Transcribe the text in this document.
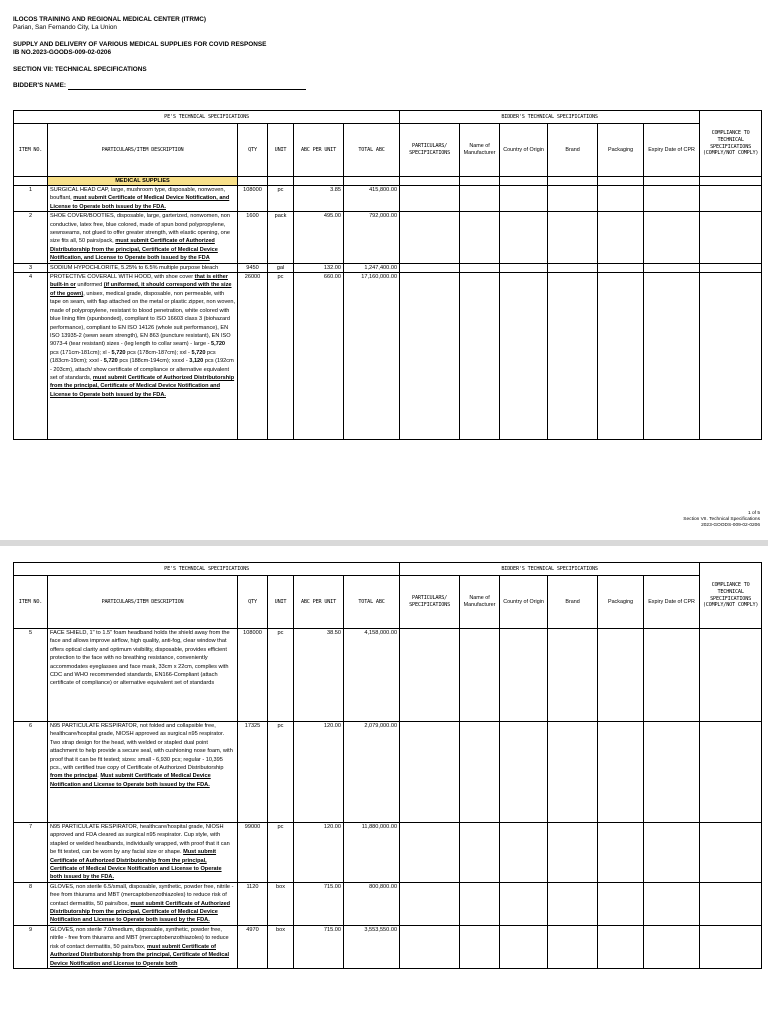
ILOCOS TRAINING AND REGIONAL MEDICAL CENTER (ITRMC)
Parian, San Fernando City, La Union
SUPPLY AND DELIVERY OF VARIOUS MEDICAL SUPPLIES FOR COVID RESPONSE
IB NO.2023-GOODS-009-02-0206
SECTION VII: TECHNICAL SPECIFICATIONS
BIDDER'S NAME:
PE'S TECHNICAL SPECIFICATIONS						BIDDER'S TECHNICAL SPECIFICATIONS						COMPLIANCE TO TECHNICAL SPECIFICATIONS (COMPLY/NOT COMPLY)
ITEM NO.	PARTICULARS/ITEM DESCRIPTION	QTY	UNIT	ABC PER UNIT	TOTAL ABC	PARTICULARS/ SPECIFICATIONS	Name of Manufacturer	Country of Origin	Brand	Packaging	Expiry Date of CPR	
	MEDICAL SUPPLIES											
1	SURGICAL HEAD CAP, large, mushroom type, disposable, nonwoven, bouffant, must submit Certificate of Medical Device Notification, and License to Operate both issued by the FDA.	108000	pc	3.85	415,800.00							
2	SHOE COVER/BOOTIES, disposable, large, garterized, nonwomen, non conductive, latex free, blue colored, made of spun bond polypropylene, sewnseams, not glued to offer greater strength, with elastic opening, one size fits all, 50 pairs/pack, must submit Certificate of Authorized Distributorship from the principal, Certificate of Medical Device Notification, and License to Operate both issued by the FDA	1600	pack	495.00	792,000.00							
3	SODIUM HYPOCHLORITE, 5.25% to 6.5% multiple purpose bleach	9450	gal	132.00	1,247,400.00							
4	PROTECTIVE COVERALL WITH HOOD, with shoe cover that is either built-in or uniformed (if uniformed, it should correspond with the size of the gown), unisex, medical grade, disposable, non permeable, with tape on seam, with flap attached on the metal or plastic zipper, non woven, made of polypropylene, resistant to blood penetration, white colored with blue lining film (spunbonded), compliant to ISO 16603 class 3 (biohazard performance), compliant to EN ISO 14126 (whole suit performance), EN ISO 13935-2 (sewn seam strength), EN 863 (puncture resistant), EN ISO 9073-4 (tear resistant) sizes - (leg length to collar seam) - large - 5,720 pcs (171cm-181cm); xl - 5,720 pcs (178cm-187cm); xxl - 5,720 pcs (183cm-19cm); xxxl - 5,720 pcs (188cm-194cm); xxxxl - 3,120 pcs (192cm - 203cm), attach/ show certificate of compliance or alternative equivalent set of standards, must submit Certificate of Authorized Distributorship from the principal, Certificate of Medical Device Notification and License to Operate both issued by the FDA.	26000	pc	660.00	17,160,000.00							
1 of 5
Section VII. Technical Specifications
2023-GOODS-009-02-0206
PE'S TECHNICAL SPECIFICATIONS						BIDDER'S TECHNICAL SPECIFICATIONS						COMPLIANCE TO TECHNICAL SPECIFICATIONS (COMPLY/NOT COMPLY)
ITEM NO.	PARTICULARS/ITEM DESCRIPTION	QTY	UNIT	ABC PER UNIT	TOTAL ABC	PARTICULARS/ SPECIFICATIONS	Name of Manufacturer	Country of Origin	Brand	Packaging	Expiry Date of CPR	
5	FACE SHIELD, 1" to 1.5" foam headband holds the shield away from the face and allows improve airflow, high quality, anti-fog, clear window that offers optical clarity and optimum visibility, disposable, provides efficient protection to the face with no breathing resistance, conveniently accommodates eyeglasses and face mask, 33cm x 22cm, complies with CDC and WHO recommended standards, EN166-Compliant (attach certificate of compliance) or alternative equivalent set of standards	108000	pc	38.50	4,158,000.00							
6	N95 PARTICULATE RESPIRATOR, not folded and collapsible free, healthcare/hospital grade, NIOSH approved as surgical n95 respirator. Two strap design for the head, with welded or stapled dual point attachment to help provide a secure seal, with cushioning nose foam, with proof that it can be fit tested; sizes: small - 6,930 pcs; regular - 10,395 pcs., with certified true copy of Certificate of Authorized Distributorship from the principal. Must submit Certificate of Medical Device Notification and License to Operate both issued by the FDA.	17325	pc	120.00	2,079,000.00							
7	N95 PARTICULATE RESPIRATOR, healthcare/hospital grade, NIOSH approved and FDA cleared as surgical n95 respirator. Cup style, with stapled or welded headbands, individually wrapped, with proof that it can be fit tested, can be worn by any facial size or shape. Must submit Certificate of Authorized Distributorship from the principal, Certificate of Medical Device Notification and License to Operate both issued by the FDA.	99000	pc	120.00	11,880,000.00							
8	GLOVES, non sterile 6.5/small, disposable, synthetic, powder free, nitrile - free from thiurams and MBT (mercaptobenzothiazoles) to reduce risk of contact dermatitis, 50 pairs/box, must submit Certificate of Authorized Distributorship from the principal, Certificate of Medical Device Notification and License to Operate both issued by the FDA.	1120	box	715.00	800,800.00							
9	GLOVES, non sterile 7.0/medium, disposable, synthetic, powder free, nitrile - free from thiurams and MBT (mercaptobenzothiazoles) to reduce risk of contact dermatitis, 50 pairs/box, must submit Certificate of Authorized Distributorship from the principal, Certificate of Medical Device Notification and License to Operate both	4970	box	715.00	3,553,550.00							
